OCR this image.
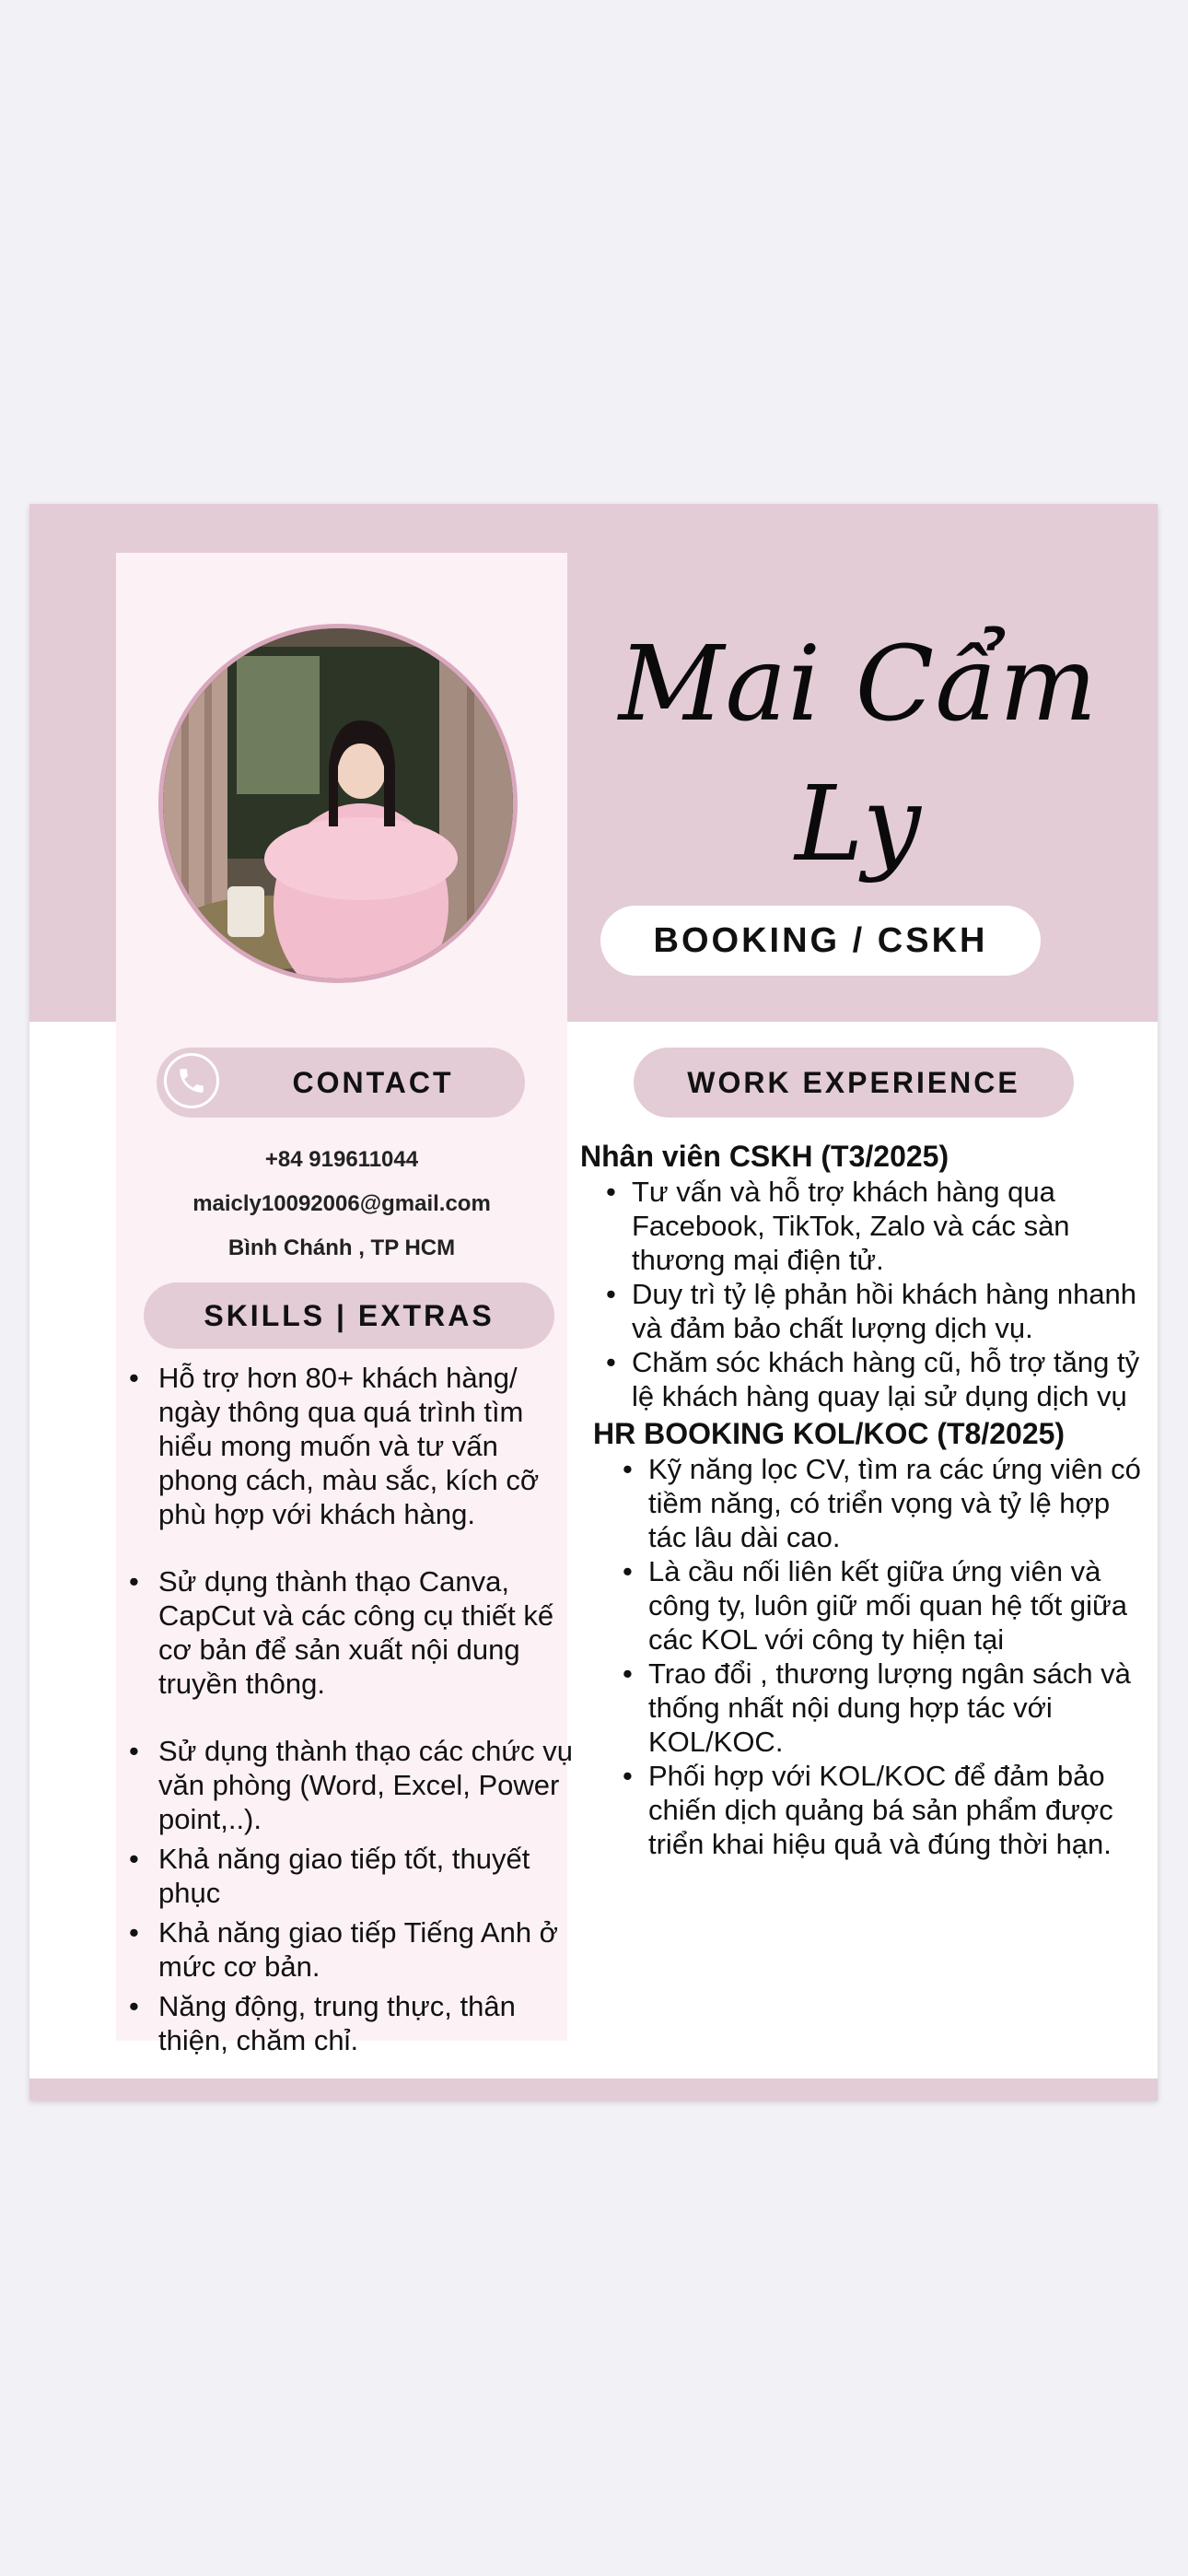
Mai Cẩm Ly
BOOKING / CSKH
CONTACT
+84 919611044
maicly10092006@gmail.com
Bình Chánh , TP HCM
SKILLS | EXTRAS
• Hỗ trợ hơn 80+ khách hàng/ ngày thông qua quá trình tìm hiểu mong muốn và tư vấn phong cách, màu sắc, kích cỡ phù hợp với khách hàng.
• Sử dụng thành thạo Canva, CapCut và các công cụ thiết kế cơ bản để sản xuất nội dung truyền thông.
• Sử dụng thành thạo các chức vụ văn phòng (Word, Excel, Power point,..).
• Khả năng giao tiếp tốt, thuyết phục
• Khả năng giao tiếp Tiếng Anh ở mức cơ bản.
• Năng động, trung thực, thân thiện, chăm chỉ.
WORK EXPERIENCE
Nhân viên CSKH (T3/2025)
• Tư vấn và hỗ trợ khách hàng qua Facebook, TikTok, Zalo và các sàn thương mại điện tử.
• Duy trì tỷ lệ phản hồi khách hàng nhanh và đảm bảo chất lượng dịch vụ.
• Chăm sóc khách hàng cũ, hỗ trợ tăng tỷ lệ khách hàng quay lại sử dụng dịch vụ
HR BOOKING KOL/KOC (T8/2025)
• Kỹ năng lọc CV, tìm ra các ứng viên có tiềm năng, có triển vọng và tỷ lệ hợp tác lâu dài cao.
• Là cầu nối liên kết giữa ứng viên và công ty, luôn giữ mối quan hệ tốt giữa các KOL với công ty hiện tại
• Trao đổi , thương lượng ngân sách và thống nhất nội dung hợp tác với KOL/KOC.
• Phối hợp với KOL/KOC để đảm bảo chiến dịch quảng bá sản phẩm được triển khai hiệu quả và đúng thời hạn.
